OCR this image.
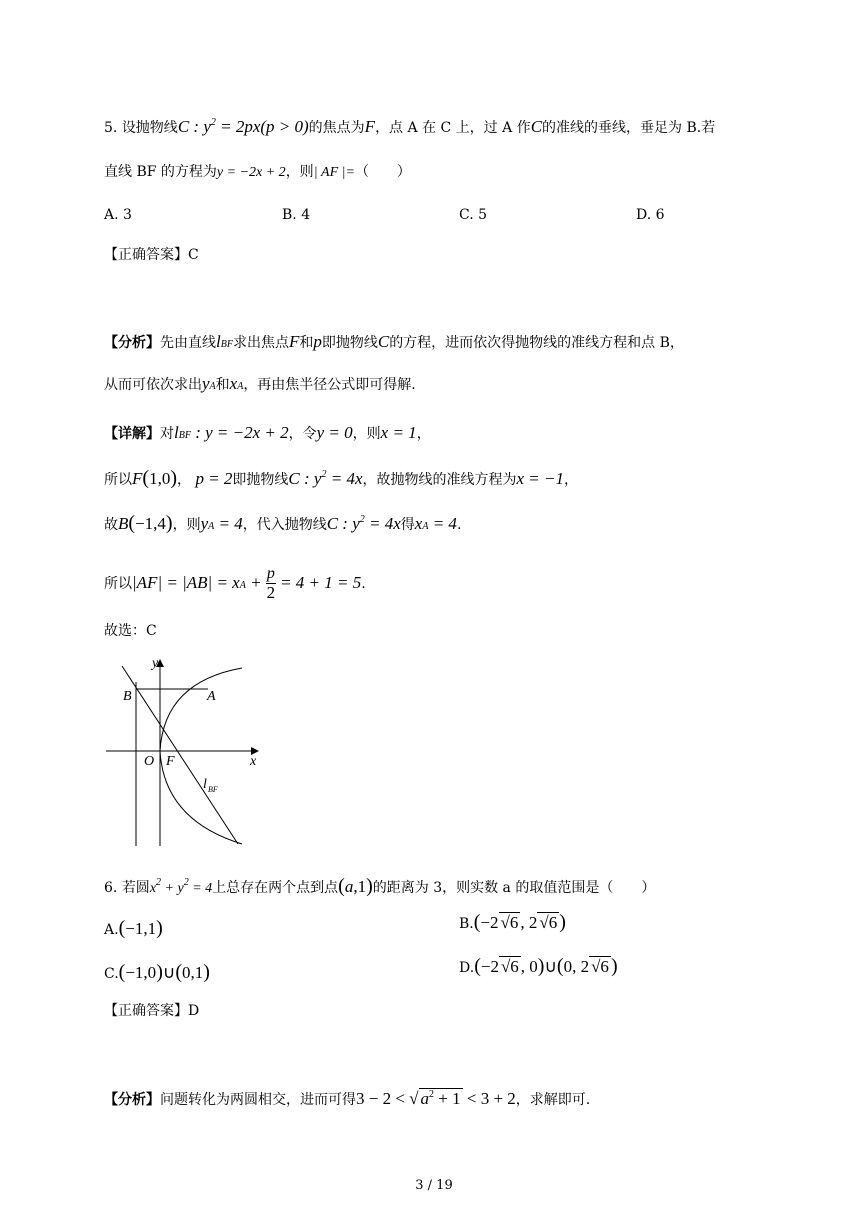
5. 设抛物线C : $y^2 = 2px(p > 0)$的焦点为F，点 A 在 C 上，过 A 作C的准线的垂线，垂足为 B.若
直线 BF 的方程为y = −2x + 2，则| AF |=（　　）
A. 3	B. 4	C. 5	D. 6
【正确答案】C
【分析】先由直线lBF求出焦点F和p即抛物线C的方程，进而依次得抛物线的准线方程和点 B，
从而可依次求出yA和xA，再由焦半径公式即可得解.
【详解】对lBF : y = −2x + 2，令y = 0，则x = 1，
所以F(1,0)， p = 2即抛物线C : $y^2 = 4x$，故抛物线的准线方程为x = −1，
故B(−1,4)，则yA = 4，代入抛物线C : $y^2 = 4x$得xA = 4.
所以|AF| = |AB| = xA + $\frac{p}{2} = 4 + 1 = 5$.
故选：C
y
B	A
O F	x
l BF
6. 若圆$x^2 + y^2 = 4$上总存在两个点到点(a,1)的距离为 3，则实数 a 的取值范围是（　　）
A.(−1,1)	B.(−2 √6 , 2 √6 )
C.(−1,0)∪(0,1)	D.(−2 √6 , 0)∪(0, 2 √6 )
【正确答案】D
【分析】问题转化为两圆相交，进而可得3 − 2 < √ $a^2 + 1 < 3 + 2$，求解即可.
3 / 19
